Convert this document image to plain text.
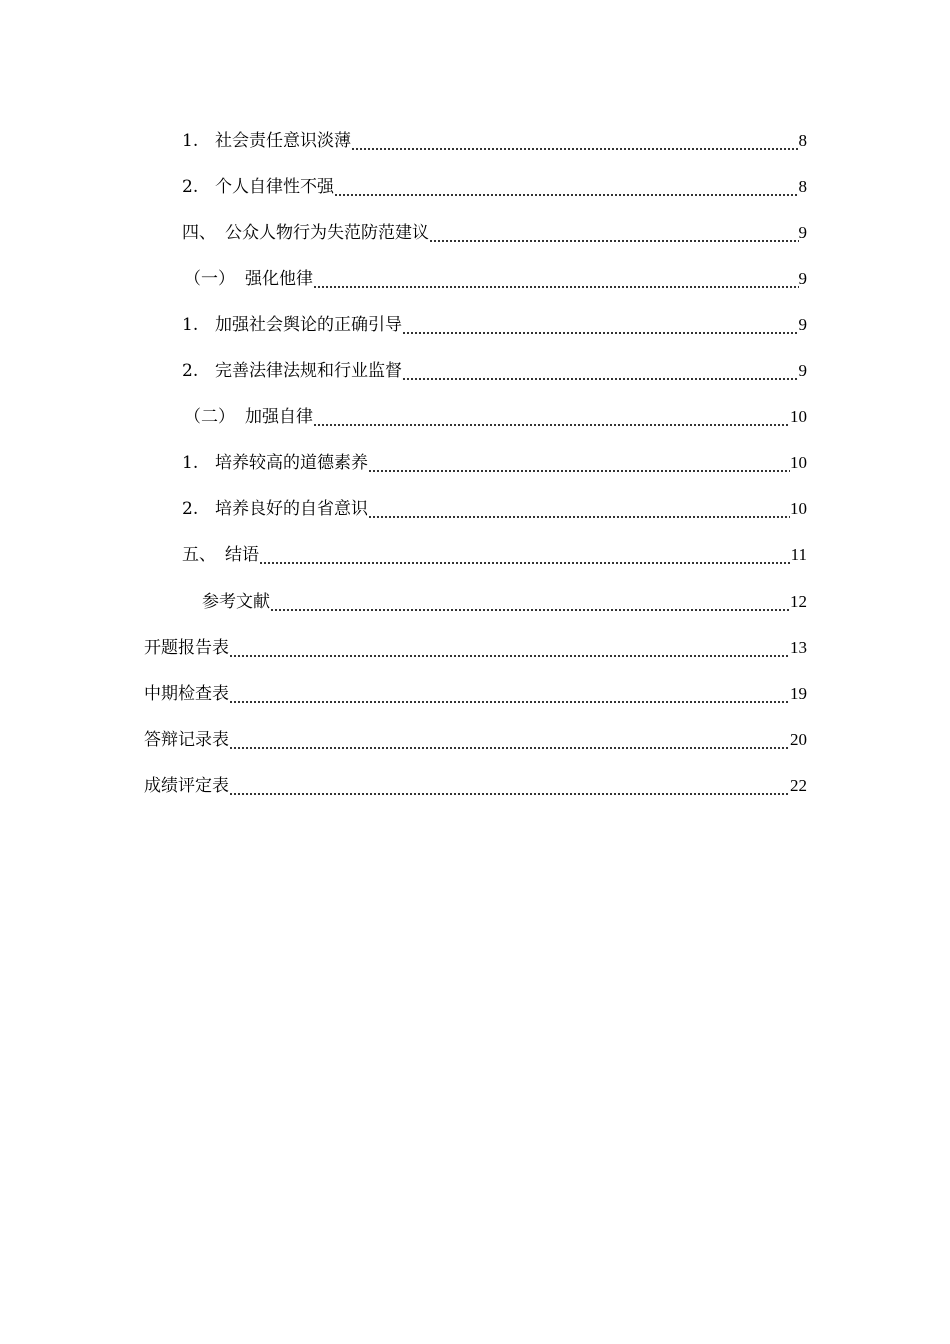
1. 社会责任意识淡薄	8
2. 个人自律性不强	8
四、 公众人物行为失范防范建议	9
（一） 强化他律	9
1. 加强社会舆论的正确引导	9
2. 完善法律法规和行业监督	9
（二） 加强自律	10
1. 培养较高的道德素养	10
2. 培养良好的自省意识	10
五、 结语	11
参考文献	12
开题报告表	13
中期检查表	19
答辩记录表	20
成绩评定表	22
